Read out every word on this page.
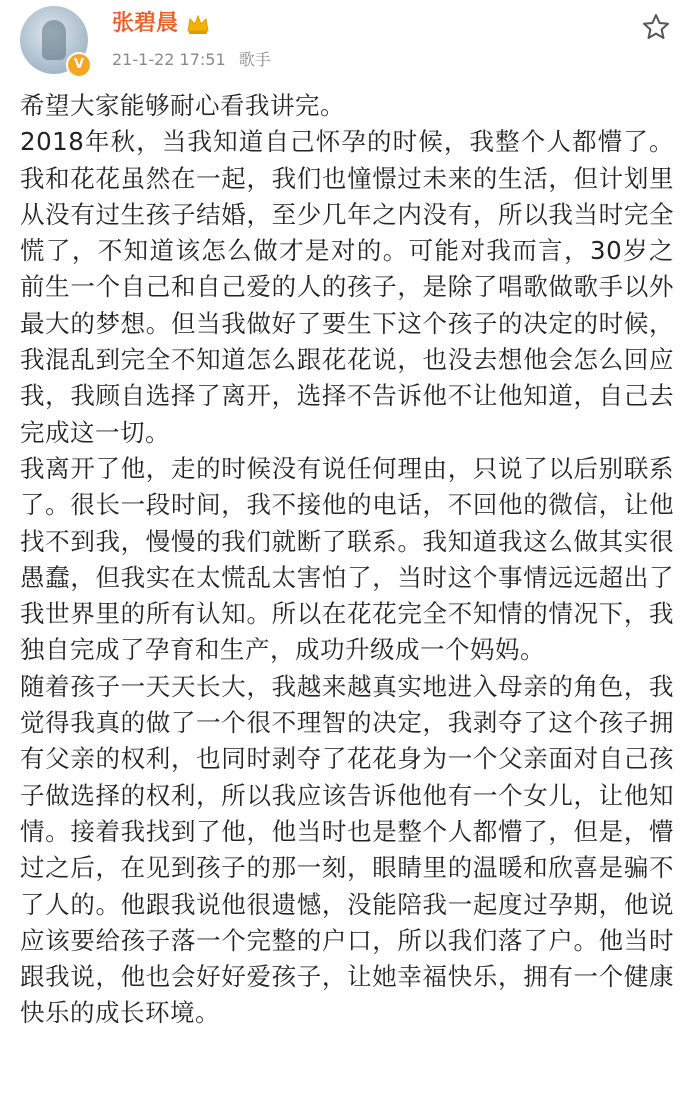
V
张碧晨
21-1-22 17:51 歌手

希望大家能够耐心看我讲完。

2018年秋，当我知道自己怀孕的时候，我整个人都懵了。我和花花虽然在一起，我们也憧憬过未来的生活，但计划里从没有过生孩子结婚，至少几年之内没有，所以我当时完全慌了，不知道该怎么做才是对的。可能对我而言，30岁之前生一个自己和自己爱的人的孩子，是除了唱歌做歌手以外最大的梦想。但当我做好了要生下这个孩子的决定的时候，我混乱到完全不知道怎么跟花花说，也没去想他会怎么回应我，我顾自选择了离开，选择不告诉他不让他知道，自己去完成这一切。

我离开了他，走的时候没有说任何理由，只说了以后别联系了。很长一段时间，我不接他的电话，不回他的微信，让他找不到我，慢慢的我们就断了联系。我知道我这么做其实很愚蠢，但我实在太慌乱太害怕了，当时这个事情远远超出了我世界里的所有认知。所以在花花完全不知情的情况下，我独自完成了孕育和生产，成功升级成一个妈妈。

随着孩子一天天长大，我越来越真实地进入母亲的角色，我觉得我真的做了一个很不理智的决定，我剥夺了这个孩子拥有父亲的权利，也同时剥夺了花花身为一个父亲面对自己孩子做选择的权利，所以我应该告诉他他有一个女儿，让他知情。接着我找到了他，他当时也是整个人都懵了，但是，懵过之后，在见到孩子的那一刻，眼睛里的温暖和欣喜是骗不了人的。他跟我说他很遗憾，没能陪我一起度过孕期，他说应该要给孩子落一个完整的户口，所以我们落了户。他当时跟我说，他也会好好爱孩子，让她幸福快乐，拥有一个健康快乐的成长环境。
